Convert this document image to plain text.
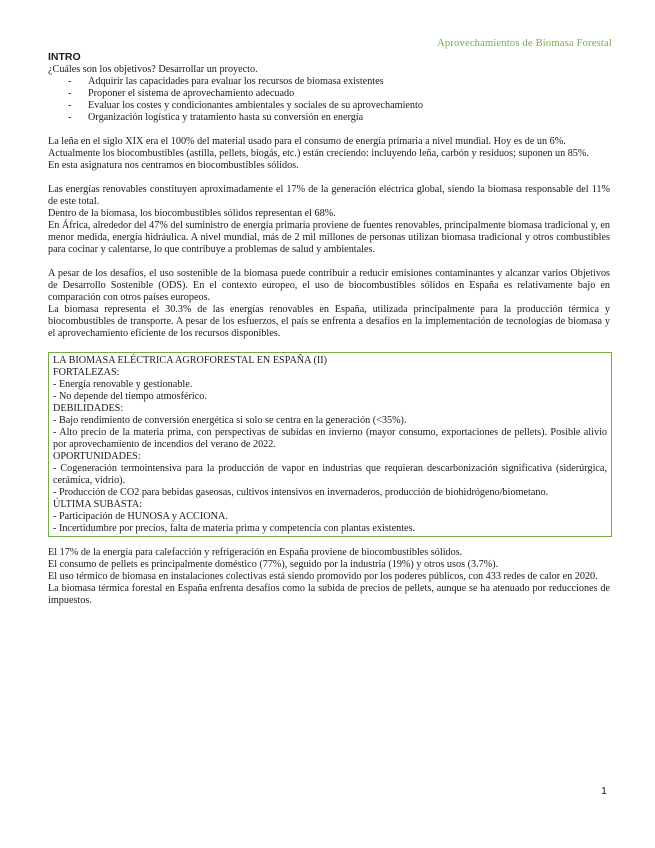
Aprovechamientos de Biomasa Forestal
INTRO

¿Cuáles son los objetivos? Desarrollar un proyecto.

- Adquirir las capacidades para evaluar los recursos de biomasa existentes
- Proponer el sistema de aprovechamiento adecuado
- Evaluar los costes y condicionantes ambientales y sociales de su aprovechamiento
- Organización logística y tratamiento hasta su conversión en energía

La leña en el siglo XIX era el 100% del material usado para el consumo de energía primaria a nivel mundial. Hoy es de un 6%.

Actualmente los biocombustibles (astilla, pellets, biogás, etc.) están creciendo: incluyendo leña, carbón y residuos; suponen un 85%.

En esta asignatura nos centramos en biocombustibles sólidos.

Las energías renovables constituyen aproximadamente el 17% de la generación eléctrica global, siendo la biomasa responsable del 11% de este total.

Dentro de la biomasa, los biocombustibles sólidos representan el 68%.

En África, alrededor del 47% del suministro de energía primaria proviene de fuentes renovables, principalmente biomasa tradicional y, en menor medida, energía hidráulica. A nivel mundial, más de 2 mil millones de personas utilizan biomasa tradicional y otros combustibles para cocinar y calentarse, lo que contribuye a problemas de salud y ambientales.

A pesar de los desafíos, el uso sostenible de la biomasa puede contribuir a reducir emisiones contaminantes y alcanzar varios Objetivos de Desarrollo Sostenible (ODS). En el contexto europeo, el uso de biocombustibles sólidos en España es relativamente bajo en comparación con otros países europeos.

La biomasa representa el 30.3% de las energías renovables en España, utilizada principalmente para la producción térmica y biocombustibles de transporte. A pesar de los esfuerzos, el país se enfrenta a desafíos en la implementación de tecnologías de biomasa y el aprovechamiento eficiente de los recursos disponibles.

LA BIOMASA ELÉCTRICA AGROFORESTAL EN ESPAÑA (II)

FORTALEZAS:

- Energía renovable y gestionable.

- No depende del tiempo atmosférico.

DEBILIDADES:

- Bajo rendimiento de conversión energética si solo se centra en la generación (<35%).

- Alto precio de la materia prima, con perspectivas de subidas en invierno (mayor consumo, exportaciones de pellets). Posible alivio por aprovechamiento de incendios del verano de 2022.

OPORTUNIDADES:

- Cogeneración termointensiva para la producción de vapor en industrias que requieran descarbonización significativa (siderúrgica, cerámica, vidrio).

- Producción de CO2 para bebidas gaseosas, cultivos intensivos en invernaderos, producción de biohidrógeno/biometano.

ÚLTIMA SUBASTA:

- Participación de HUNOSA y ACCIONA.

- Incertidumbre por precios, falta de materia prima y competencia con plantas existentes.

El 17% de la energía para calefacción y refrigeración en España proviene de biocombustibles sólidos.

El consumo de pellets es principalmente doméstico (77%), seguido por la industria (19%) y otros usos (3.7%).

El uso térmico de biomasa en instalaciones colectivas está siendo promovido por los poderes públicos, con 433 redes de calor en 2020.

La biomasa térmica forestal en España enfrenta desafíos como la subida de precios de pellets, aunque se ha atenuado por reducciones de impuestos.

1
